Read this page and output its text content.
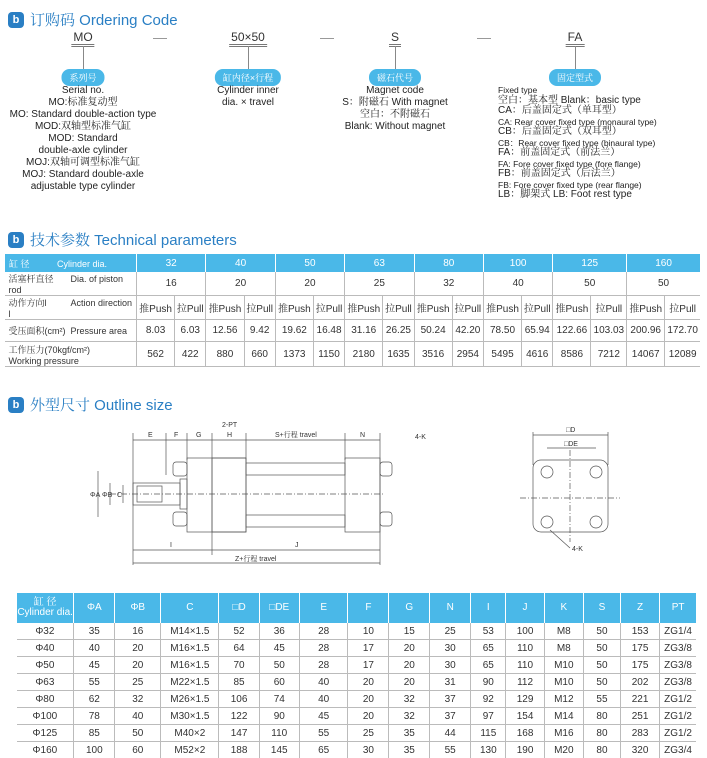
b 订购码 Ordering Code
MO	50×50	S	FA
系列号	缸内径×行程	磁石代号	固定型式
Serial no.
MO:标准复动型
MO: Standard double-action type
MOD:双轴型标准气缸
MOD: Standard
double-axle cylinder
MOJ:双轴可调型标准气缸
MOJ: Standard double-axle
adjustable type cylinder
Cylinder inner
dia. × travel
Magnet code
S：附磁石 With magnet
空白：不附磁石
Blank: Without magnet
Fixed type
空白：基本型 Blank：basic type
CA：后盖固定式（单耳型）
CA: Rear cover fixed type (monaural type)
CB：后盖固定式（双耳型）
CB：Rear cover fixed type (binaural type)
FA：前盖固定式（前法兰）
FA: Fore cover fixed type (fore flange)
FB：前盖固定式（后法兰）
FB: Fore cover fixed type (rear flange)
LB：脚架式 LB: Foot rest type
b 技术参数 Technical parameters
缸 径 Cylinder dia.	32		40		50		63		80		100		125		160	
活塞杆直径 Dia. of piston rod	16		20		20		25		32		40		50		50	
动作方向l Action direction l	推Push	拉Pull	推Push	拉Pull	推Push	拉Pull	推Push	拉Pull	推Push	拉Pull	推Push	拉Pull	推Push	拉Pull	推Push	拉Pull
受压面积(cm²) Pressure area	8.03	6.03	12.56	9.42	19.62	16.48	31.16	26.25	50.24	42.20	78.50	65.94	122.66	103.03	200.96	172.70

工作压力(70kgf/cm²)
Working pressure	562	422	880	660	1373	1150	2180	1635	3516	2954	5495	4616	8586	7212	14067	12089
b 外型尺寸 Outline size
E	F	G	H
2-PT
S+行程 travel	N	4-K
ΦA ΦB C
I	J
Z+行程 travel
□D
□DE
4-K
缸 径
Cylinder dia.	ΦA	ΦB	C	□D	□DE	E	F	G	N	I	J	K	S	Z	PT

Φ32	35	16	M14×1.5	52	36	28	10	15	25	53	100	M8	50	153	ZG1/4
Φ40	40	20	M16×1.5	64	45	28	17	20	30	65	110	M8	50	175	ZG3/8
Φ50	45	20	M16×1.5	70	50	28	17	20	30	65	110	M10	50	175	ZG3/8
Φ63	55	25	M22×1.5	85	60	40	20	20	31	90	112	M10	50	202	ZG3/8
Φ80	62	32	M26×1.5	106	74	40	20	32	37	92	129	M12	55	221	ZG1/2
Φ100	78	40	M30×1.5	122	90	45	20	32	37	97	154	M14	80	251	ZG1/2
Φ125	85	50	M40×2	147	110	55	25	35	44	115	168	M16	80	283	ZG1/2
Φ160	100	60	M52×2	188	145	65	30	35	55	130	190	M20	80	320	ZG3/4
